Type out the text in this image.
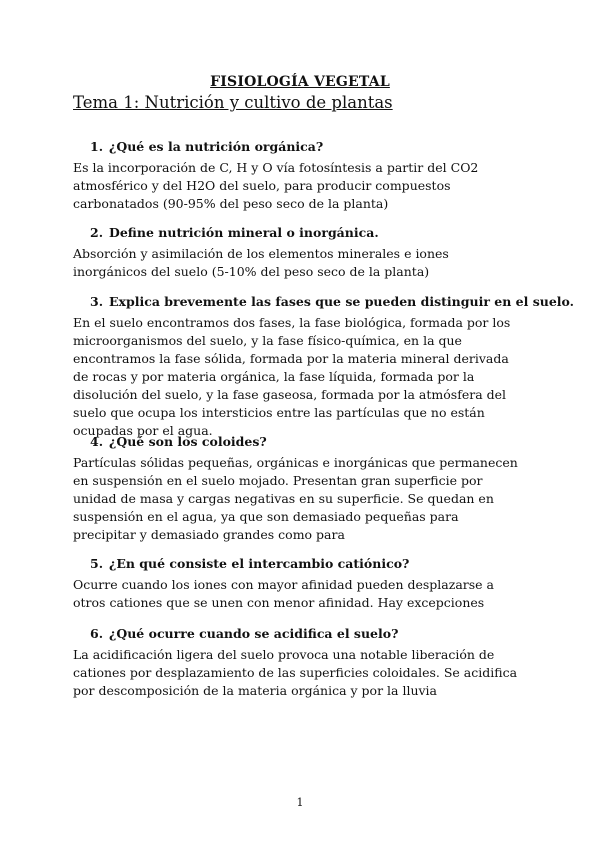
FISIOLOGÍA VEGETAL
Tema 1: Nutrición y cultivo de plantas

1. ¿Qué es la nutrición orgánica?

Es la incorporación de C, H y O vía fotosíntesis a partir del CO2 atmosférico y del H2O del suelo, para producir compuestos carbonatados (90-95% del peso seco de la planta)

2. Define nutrición mineral o inorgánica.

Absorción y asimilación de los elementos minerales e iones inorgánicos del suelo (5-10% del peso seco de la planta)

3. Explica brevemente las fases que se pueden distinguir en el suelo.

En el suelo encontramos dos fases, la fase biológica, formada por los microorganismos del suelo, y la fase físico-química, en la que encontramos la fase sólida, formada por la materia mineral derivada de rocas y por materia orgánica, la fase líquida, formada por la disolución del suelo, y la fase gaseosa, formada por la atmósfera del suelo que ocupa los intersticios entre las partículas que no están ocupadas por el agua.

4. ¿Qué son los coloides?

Partículas sólidas pequeñas, orgánicas e inorgánicas que permanecen en suspensión en el suelo mojado. Presentan gran superficie por unidad de masa y cargas negativas en su superficie. Se quedan en suspensión en el agua, ya que son demasiado pequeñas para precipitar y demasiado grandes como para

5. ¿En qué consiste el intercambio catiónico?

Ocurre cuando los iones con mayor afinidad pueden desplazarse a otros cationes que se unen con menor afinidad. Hay excepciones

6. ¿Qué ocurre cuando se acidifica el suelo?

La acidificación ligera del suelo provoca una notable liberación de cationes por desplazamiento de las superficies coloidales. Se acidifica por descomposición de la materia orgánica y por la lluvia

1
